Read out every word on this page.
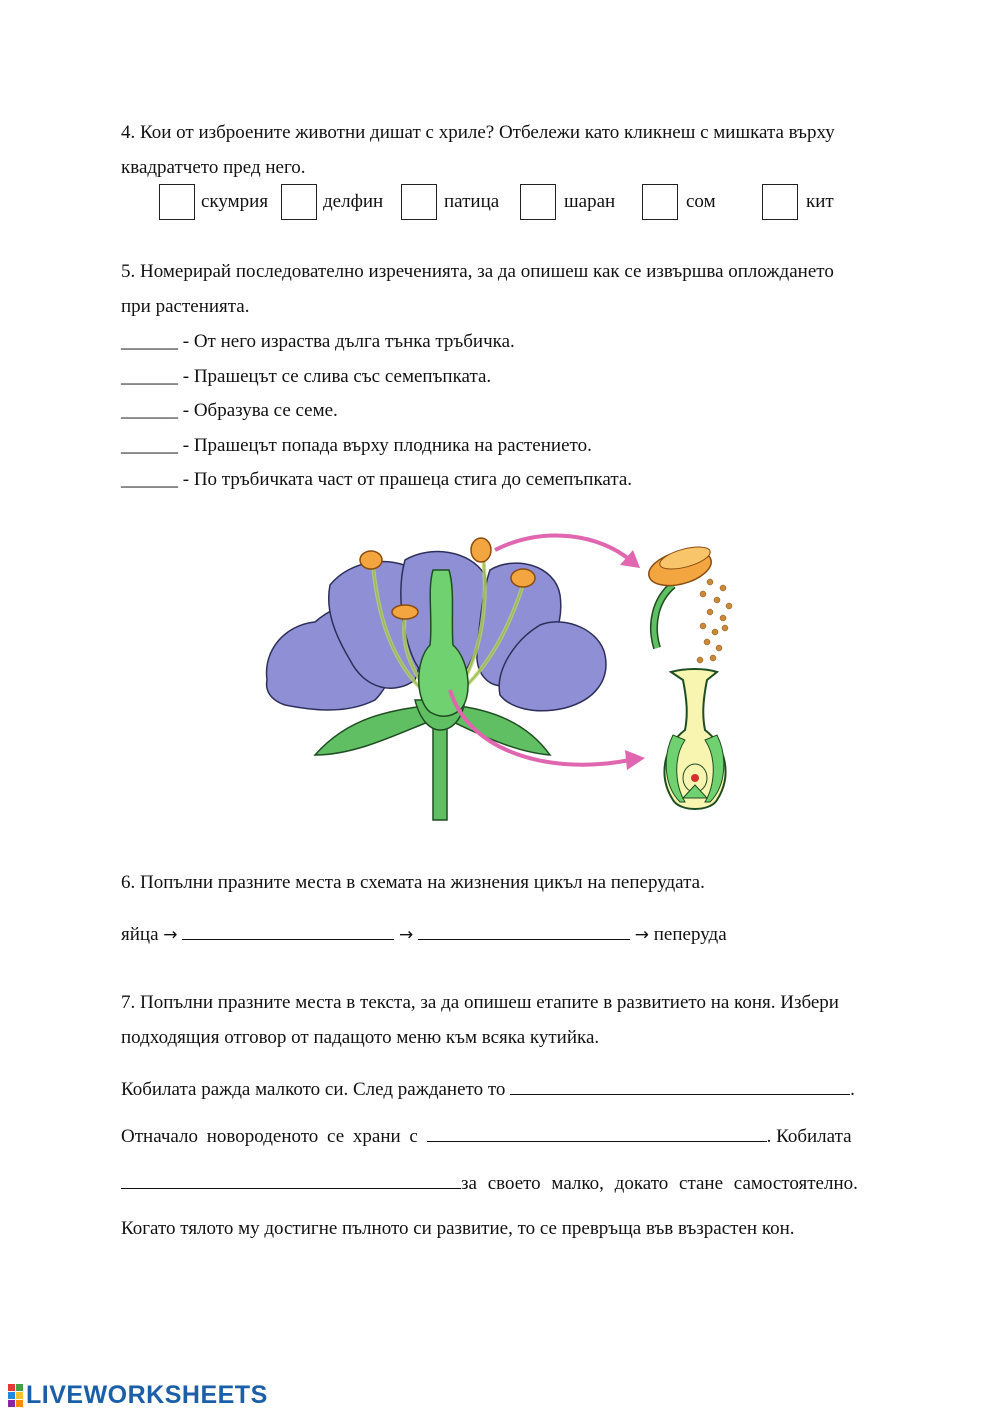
4. Кои от изброените животни дишат с хриле? Отбележи като кликнеш с мишката върху
квадратчето пред него.
скумрия	делфин	патица	шаран	сом	кит
5. Номерирай последователно изреченията, за да опишеш как се извършва оплождането
при растенията.
______ - От него израства дълга тънка тръбичка.
______ - Прашецът се слива със семепъпката.
______ - Образува се семе.
______ - Прашецът попада върху плодника на растението.
______ - По тръбичката част от прашеца стига до семепъпката.
6. Попълни празните места в схемата на жизнения цикъл на пеперудата.
яйца →	→	→ пеперуда
7. Попълни празните места в текста, за да опишеш етапите в развитието на коня. Избери
подходящия отговор от падащото меню към всяка кутийка.
Кобилата ражда малкото си. След раждането то	.
Отначало новороденото се храни с	. Кобилата
за своето малко, докато стане самостоятелно.
Когато тялото му достигне пълното си развитие, то се превръща във възрастен кон.
LIVEWORKSHEETS
